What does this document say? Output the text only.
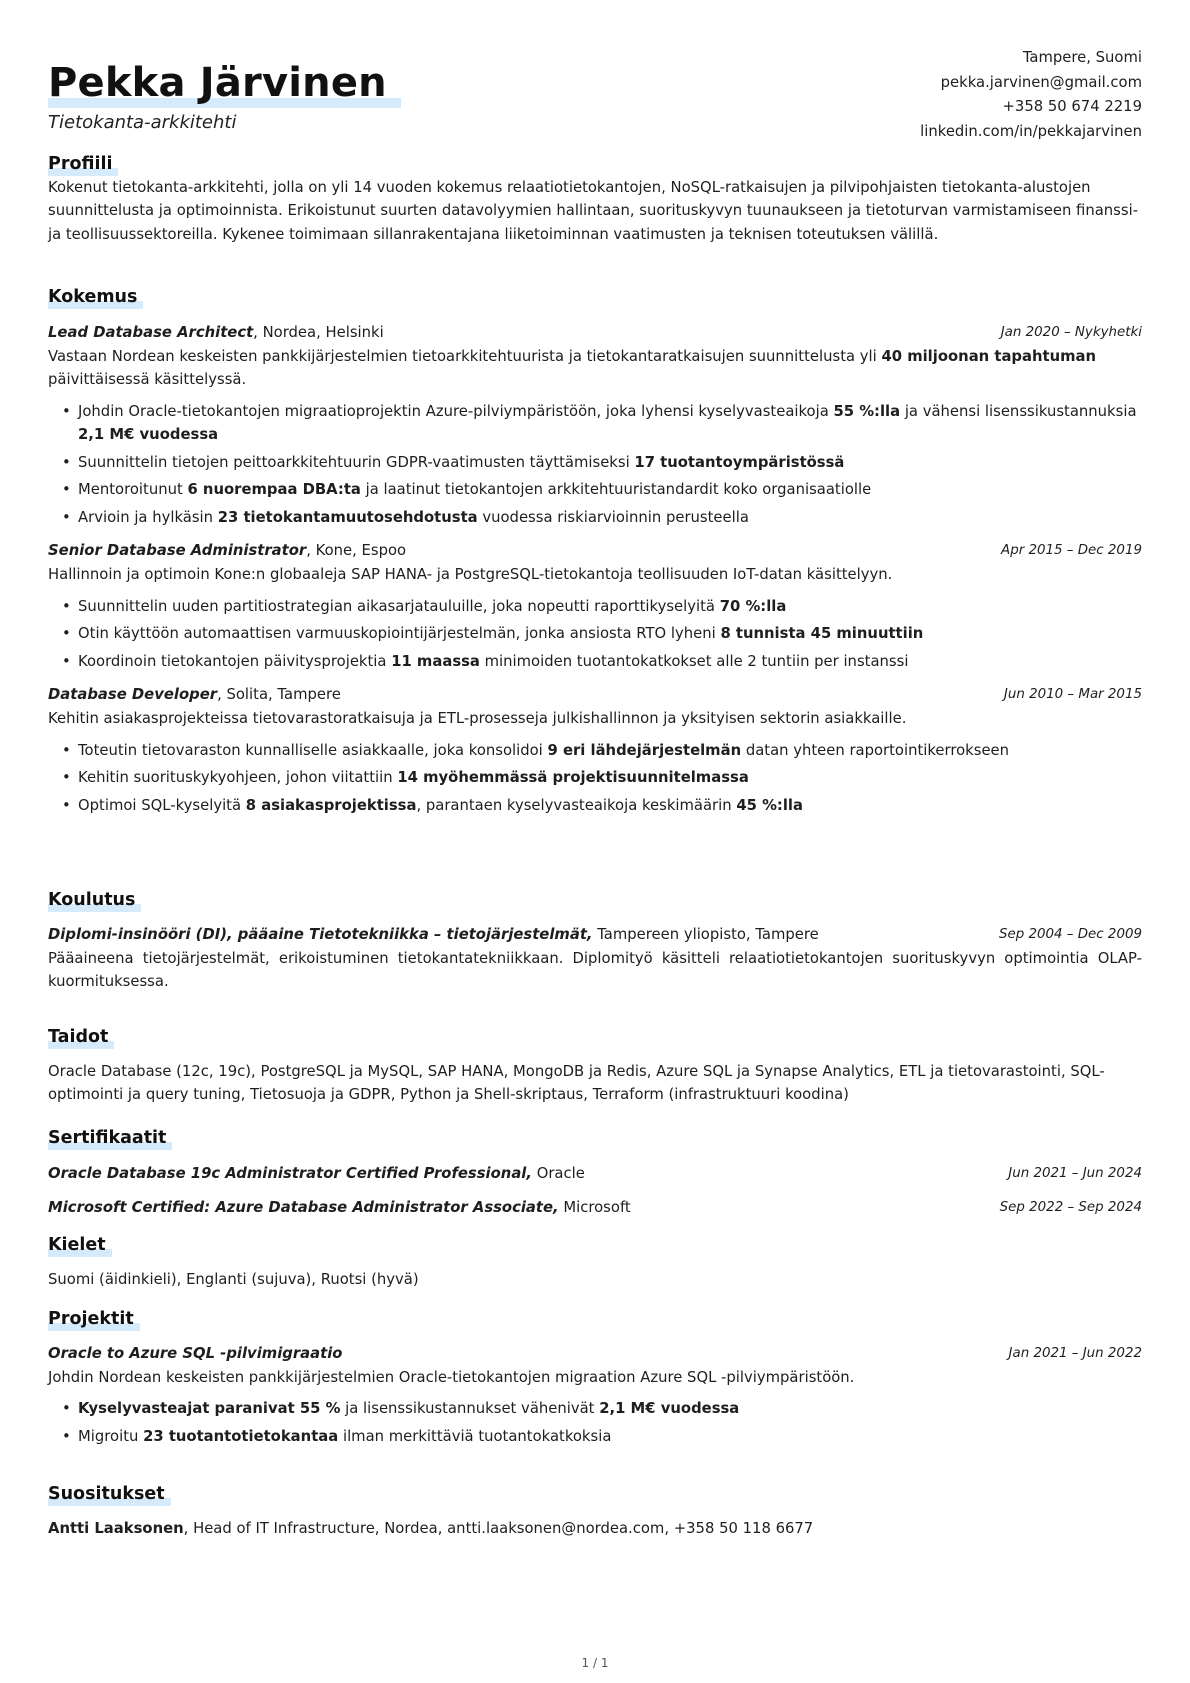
Pekka Järvinen
Tietokanta-arkkitehti
Tampere, Suomi
pekka.jarvinen@gmail.com
+358 50 674 2219
linkedin.com/in/pekkajarvinen
Profiili

Kokenut tietokanta-arkkitehti, jolla on yli 14 vuoden kokemus relaatiotietokantojen, NoSQL-ratkaisujen ja pilvipohjaisten tietokanta-alustojen suunnittelusta ja optimoinnista. Erikoistunut suurten datavolyymien hallintaan, suorituskyvyn tuunaukseen ja tietoturvan varmistamiseen finanssi- ja teollisuussektoreilla. Kykenee toimimaan sillanrakentajana liiketoiminnan vaatimusten ja teknisen toteutuksen välillä.

Kokemus
Lead Database Architect, Nordea, Helsinki	Jan 2020 – Nykyhetki

Vastaan Nordean keskeisten pankkijärjestelmien tietoarkkitehtuurista ja tietokantaratkaisujen suunnittelusta yli 40 miljoonan tapahtuman päivittäisessä käsittelyssä.

• Johdin Oracle-tietokantojen migraatioprojektin Azure-pilviympäristöön, joka lyhensi kyselyvasteaikoja 55 %:lla ja vähensi lisenssikustannuksia 2,1 M€ vuodessa
• Suunnittelin tietojen peittoarkkitehtuurin GDPR-vaatimusten täyttämiseksi 17 tuotantoympäristössä
• Mentoroitunut 6 nuorempaa DBA:ta ja laatinut tietokantojen arkkitehtuuristandardit koko organisaatiolle
• Arvioin ja hylkäsin 23 tietokantamuutosehdotusta vuodessa riskiarvioinnin perusteella
Senior Database Administrator, Kone, Espoo	Apr 2015 – Dec 2019

Hallinnoin ja optimoin Kone:n globaaleja SAP HANA- ja PostgreSQL-tietokantoja teollisuuden IoT-datan käsittelyyn.

• Suunnittelin uuden partitiostrategian aikasarjatauluille, joka nopeutti raporttikyselyitä 70 %:lla
• Otin käyttöön automaattisen varmuuskopiointijärjestelmän, jonka ansiosta RTO lyheni 8 tunnista 45 minuuttiin
• Koordinoin tietokantojen päivitysprojektia 11 maassa minimoiden tuotantokatkokset alle 2 tuntiin per instanssi
Database Developer, Solita, Tampere	Jun 2010 – Mar 2015

Kehitin asiakasprojekteissa tietovarastoratkaisuja ja ETL-prosesseja julkishallinnon ja yksityisen sektorin asiakkaille.

• Toteutin tietovaraston kunnalliselle asiakkaalle, joka konsolidoi 9 eri lähdejärjestelmän datan yhteen raportointikerrokseen
• Kehitin suorituskykyohjeen, johon viitattiin 14 myöhemmässä projektisuunnitelmassa
• Optimoi SQL-kyselyitä 8 asiakasprojektissa, parantaen kyselyvasteaikoja keskimäärin 45 %:lla
Koulutus
Diplomi-insinööri (DI), pääaine Tietotekniikka – tietojärjestelmät, Tampereen yliopisto, Tampere	Sep 2004 – Dec 2009

Pääaineena tietojärjestelmät, erikoistuminen tietokantatekniikkaan. Diplomityö käsitteli relaatiotietokantojen suorituskyvyn optimointia OLAP-kuormituksessa.

Taidot

Oracle Database (12c, 19c), PostgreSQL ja MySQL, SAP HANA, MongoDB ja Redis, Azure SQL ja Synapse Analytics, ETL ja tietovarastointi, SQL-optimointi ja query tuning, Tietosuoja ja GDPR, Python ja Shell-skriptaus, Terraform (infrastruktuuri koodina)

Sertifikaatit
Oracle Database 19c Administrator Certified Professional, Oracle	Jun 2021 – Jun 2024
Microsoft Certified: Azure Database Administrator Associate, Microsoft	Sep 2022 – Sep 2024
Kielet

Suomi (äidinkieli), Englanti (sujuva), Ruotsi (hyvä)

Projektit
Oracle to Azure SQL -pilvimigraatio	Jan 2021 – Jun 2022

Johdin Nordean keskeisten pankkijärjestelmien Oracle-tietokantojen migraation Azure SQL -pilviympäristöön.

• Kyselyvasteajat paranivat 55 % ja lisenssikustannukset vähenivät 2,1 M€ vuodessa
• Migroitu 23 tuotantotietokantaa ilman merkittäviä tuotantokatkoksia
Suositukset

Antti Laaksonen, Head of IT Infrastructure, Nordea, antti.laaksonen@nordea.com, +358 50 118 6677

1 / 1
